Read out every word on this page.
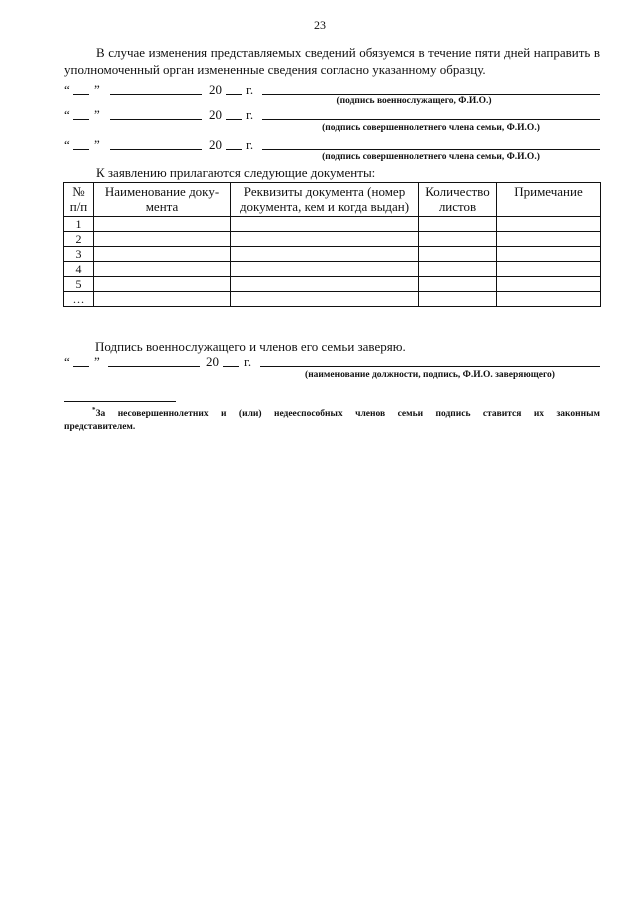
23
В случае изменения представляемых сведений обязуемся в течение пяти дней направить в уполномоченный орган измененные сведения согласно указанному образцу.
“ ”	20 г.
(подпись военнослужащего, Ф.И.О.)
“ ”	20 г.
(подпись совершеннолетнего члена семьи, Ф.И.О.)
“ ”	20 г.
(подпись совершеннолетнего члена семьи, Ф.И.О.)
К заявлению прилагаются следующие документы:
№ п/п	Наименование доку- мента	Реквизиты документа (номер документа, кем и когда выдан)	Количество листов	Примечание
1				
2				
3				
4				
5				
…				
Подпись военнослужащего и членов его семьи заверяю.
“ ”	20 г.
(наименование должности, подпись, Ф.И.О. заверяющего)
*За несовершеннолетних и (или) недееспособных членов семьи подпись ставится их законным представителем.
